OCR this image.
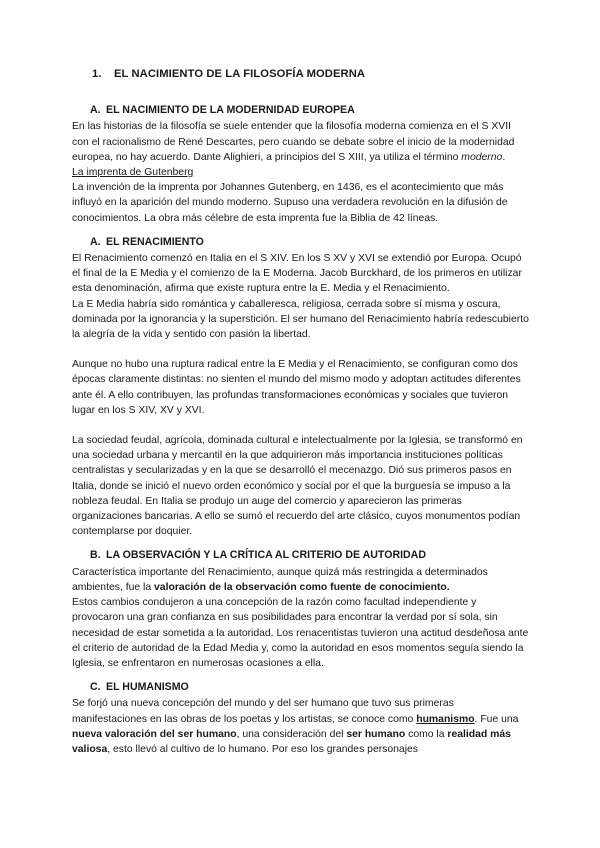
1. EL NACIMIENTO DE LA FILOSOFÍA MODERNA
A. EL NACIMIENTO DE LA MODERNIDAD EUROPEA

En las historias de la filosofía se suele entender que la filosofía moderna comienza en el S XVII con el racionalismo de René Descartes, pero cuando se debate sobre el inicio de la modernidad europea, no hay acuerdo. Dante Alighieri, a principios del S XIII, ya utiliza el término moderno.

La imprenta de Gutenberg

La invención de la imprenta por Johannes Gutenberg, en 1436, es el acontecimiento que más influyó en la aparición del mundo moderno. Supuso una verdadera revolución en la difusión de conocimientos. La obra más célebre de esta imprenta fue la Biblia de 42 líneas.

A. EL RENACIMIENTO

El Renacimiento comenzó en Italia en el S XIV. En los S XV y XVI se extendió por Europa. Ocupó el final de la E Media y el comienzo de la E Moderna. Jacob Burckhard, de los primeros en utilizar esta denominación, afirma que existe ruptura entre la E. Media y el Renacimiento.

La E Media habría sido romántica y caballeresca, religiosa, cerrada sobre sí misma y oscura, dominada por la ignorancia y la superstición. El ser humano del Renacimiento habría redescubierto la alegría de la vida y sentido con pasión la libertad.

Aunque no hubo una ruptura radical entre la E Media y el Renacimiento, se configuran como dos épocas claramente distintas: no sienten el mundo del mismo modo y adoptan actitudes diferentes ante él. A ello contribuyen, las profundas transformaciones económicas y sociales que tuvieron lugar en los S XIV, XV y XVI.

La sociedad feudal, agrícola, dominada cultural e intelectualmente por la Iglesia, se transformó en una sociedad urbana y mercantil en la que adquirieron más importancia instituciones políticas centralistas y secularizadas y en la que se desarrolló el mecenazgo. Dió sus primeros pasos en Italia, donde se inició el nuevo orden económico y social por el que la burguesía se impuso a la nobleza feudal. En Italia se produjo un auge del comercio y aparecieron las primeras organizaciones bancarias. A ello se sumó el recuerdo del arte clásico, cuyos monumentos podían contemplarse por doquier.

B. LA OBSERVACIÓN Y LA CRÍTICA AL CRITERIO DE AUTORIDAD

Característica importante del Renacimiento, aunque quizá más restringida a determinados ambientes, fue la valoración de la observación como fuente de conocimiento.

Estos cambios condujeron a una concepción de la razón como facultad independiente y provocaron una gran confianza en sus posibilidades para encontrar la verdad por sí sola, sin necesidad de estar sometida a la autoridad. Los renacentistas tuvieron una actitud desdeñosa ante el criterio de autoridad de la Edad Media y, como la autoridad en esos momentos seguía siendo la Iglesia, se enfrentaron en numerosas ocasiones a ella.

C. EL HUMANISMO

Se forjó una nueva concepción del mundo y del ser humano que tuvo sus primeras manifestaciones en las obras de los poetas y los artistas, se conoce como humanismo. Fue una nueva valoración del ser humano, una consideración del ser humano como la realidad más valiosa, esto llevó al cultivo de lo humano. Por eso los grandes personajes
